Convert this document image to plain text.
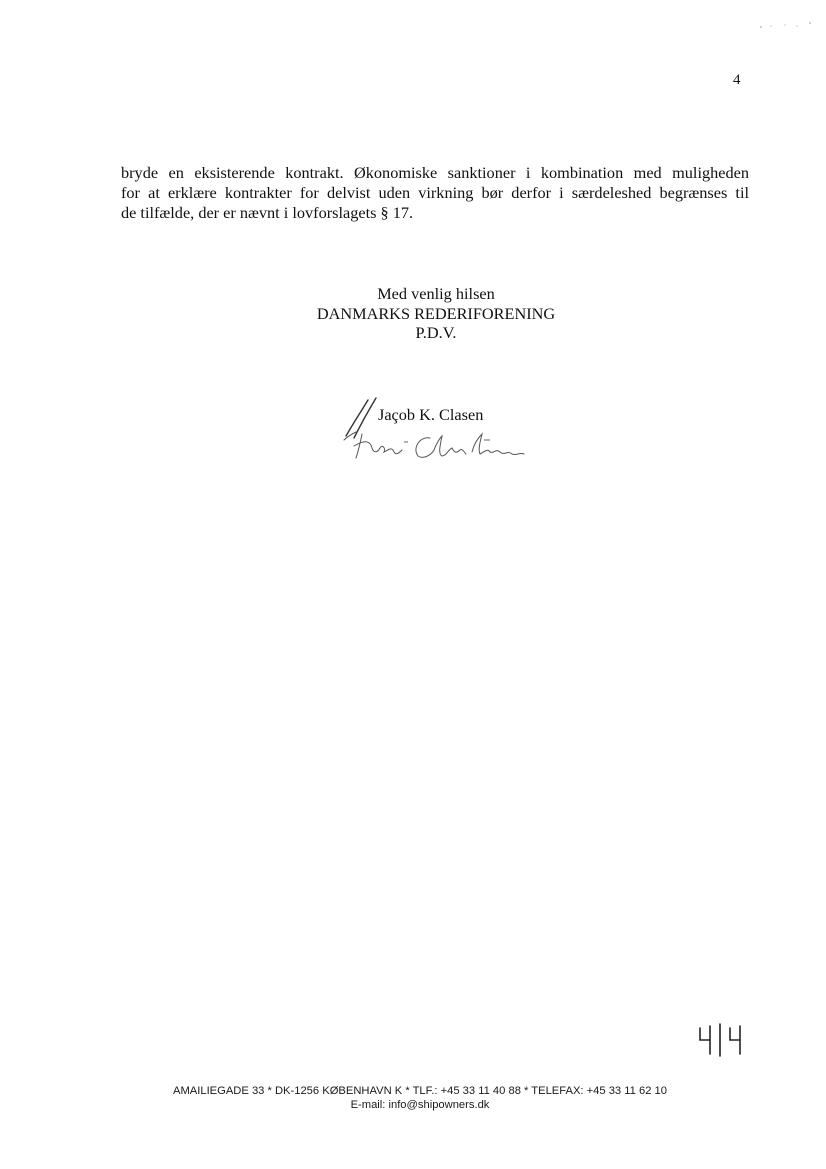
4
bryde en eksisterende kontrakt. Økonomiske sanktioner i kombination med muligheden
for at erklære kontrakter for delvist uden virkning bør derfor i særdeleshed begrænses til
de tilfælde, der er nævnt i lovforslagets § 17.
Med venlig hilsen
DANMARKS REDERIFORENING
P.D.V.
Jaçob K. Clasen
AMAILIEGADE 33 * DK-1256 KØBENHAVN K * TLF.: +45 33 11 40 88 * TELEFAX: +45 33 11 62 10
E-mail: info@shipowners.dk
